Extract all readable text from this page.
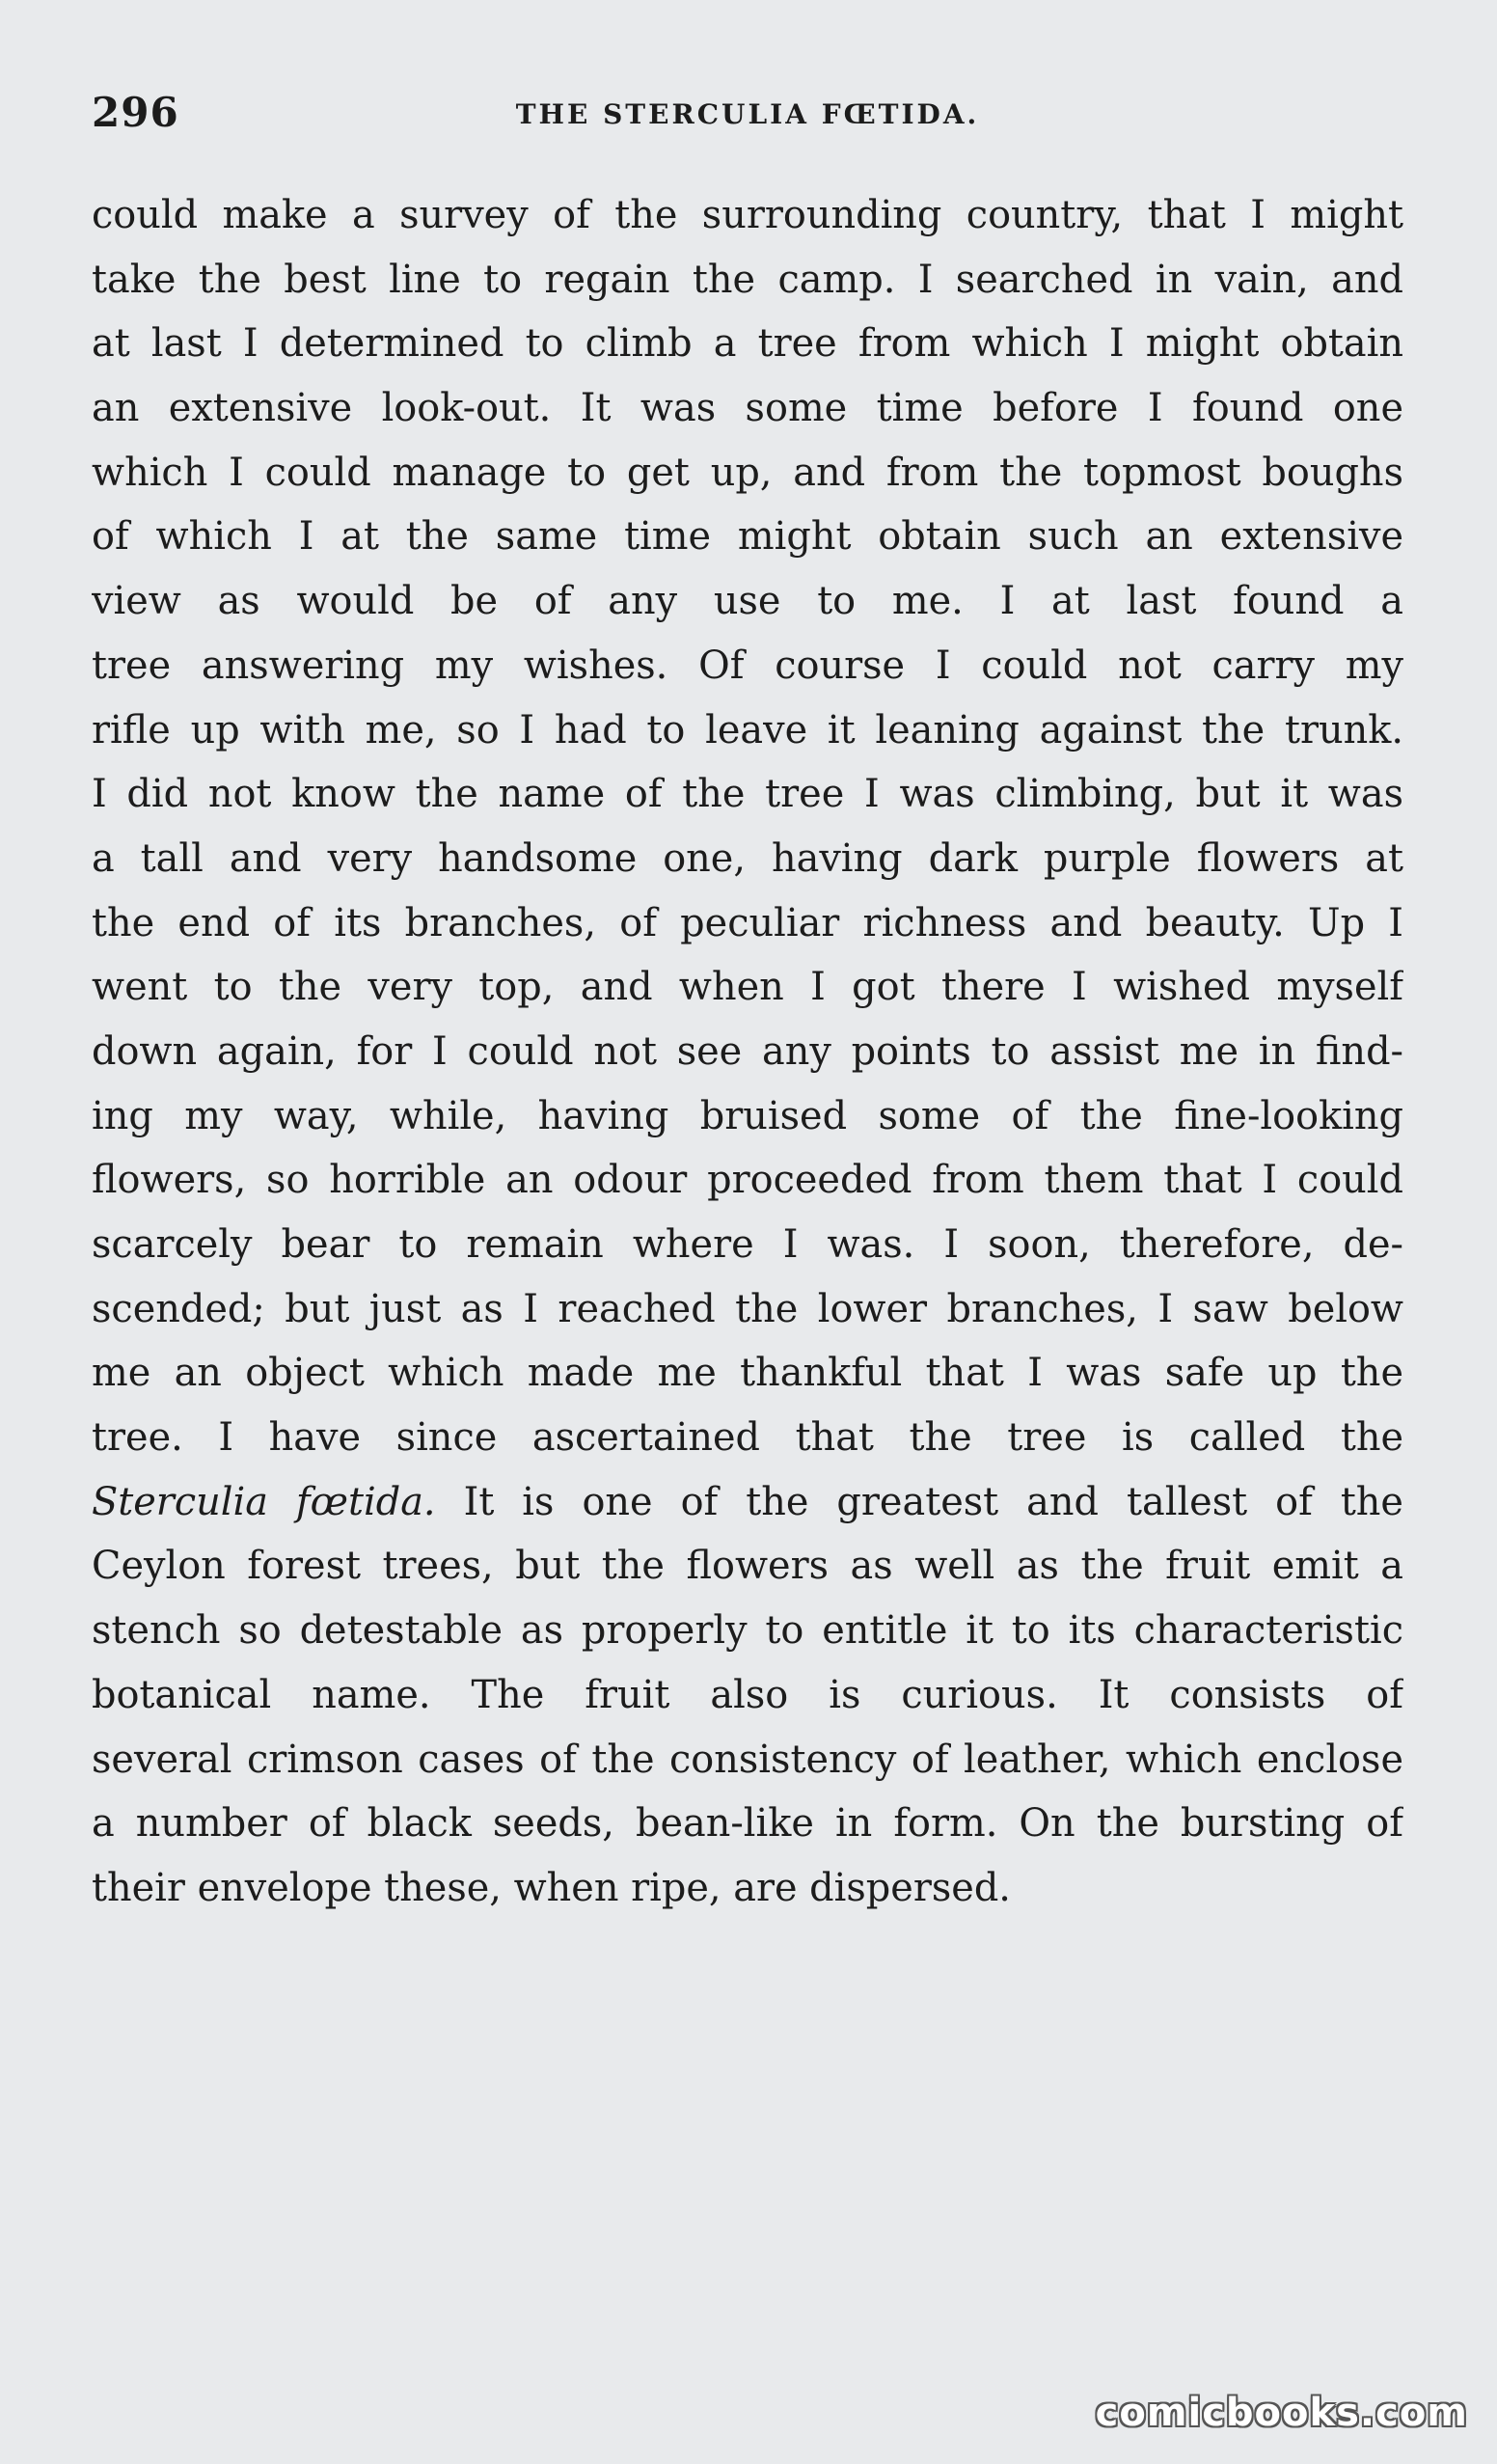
296	THE STERCULIA FŒTIDA.
could make a survey of the surrounding country, that I might
take the best line to regain the camp. I searched in vain, and
at last I determined to climb a tree from which I might obtain
an extensive look-out. It was some time before I found one
which I could manage to get up, and from the topmost boughs
of which I at the same time might obtain such an extensive
view as would be of any use to me. I at last found a
tree answering my wishes. Of course I could not carry my
rifle up with me, so I had to leave it leaning against the trunk.
I did not know the name of the tree I was climbing, but it was
a tall and very handsome one, having dark purple flowers at
the end of its branches, of peculiar richness and beauty. Up I
went to the very top, and when I got there I wished myself
down again, for I could not see any points to assist me in find-
ing my way, while, having bruised some of the fine-looking
flowers, so horrible an odour proceeded from them that I could
scarcely bear to remain where I was. I soon, therefore, de-
scended; but just as I reached the lower branches, I saw below
me an object which made me thankful that I was safe up the
tree. I have since ascertained that the tree is called the
Sterculia fœtida. It is one of the greatest and tallest of the
Ceylon forest trees, but the flowers as well as the fruit emit a
stench so detestable as properly to entitle it to its characteristic
botanical name. The fruit also is curious. It consists of
several crimson cases of the consistency of leather, which enclose
a number of black seeds, bean-like in form. On the bursting of
their envelope these, when ripe, are dispersed.
comicbooks.com
